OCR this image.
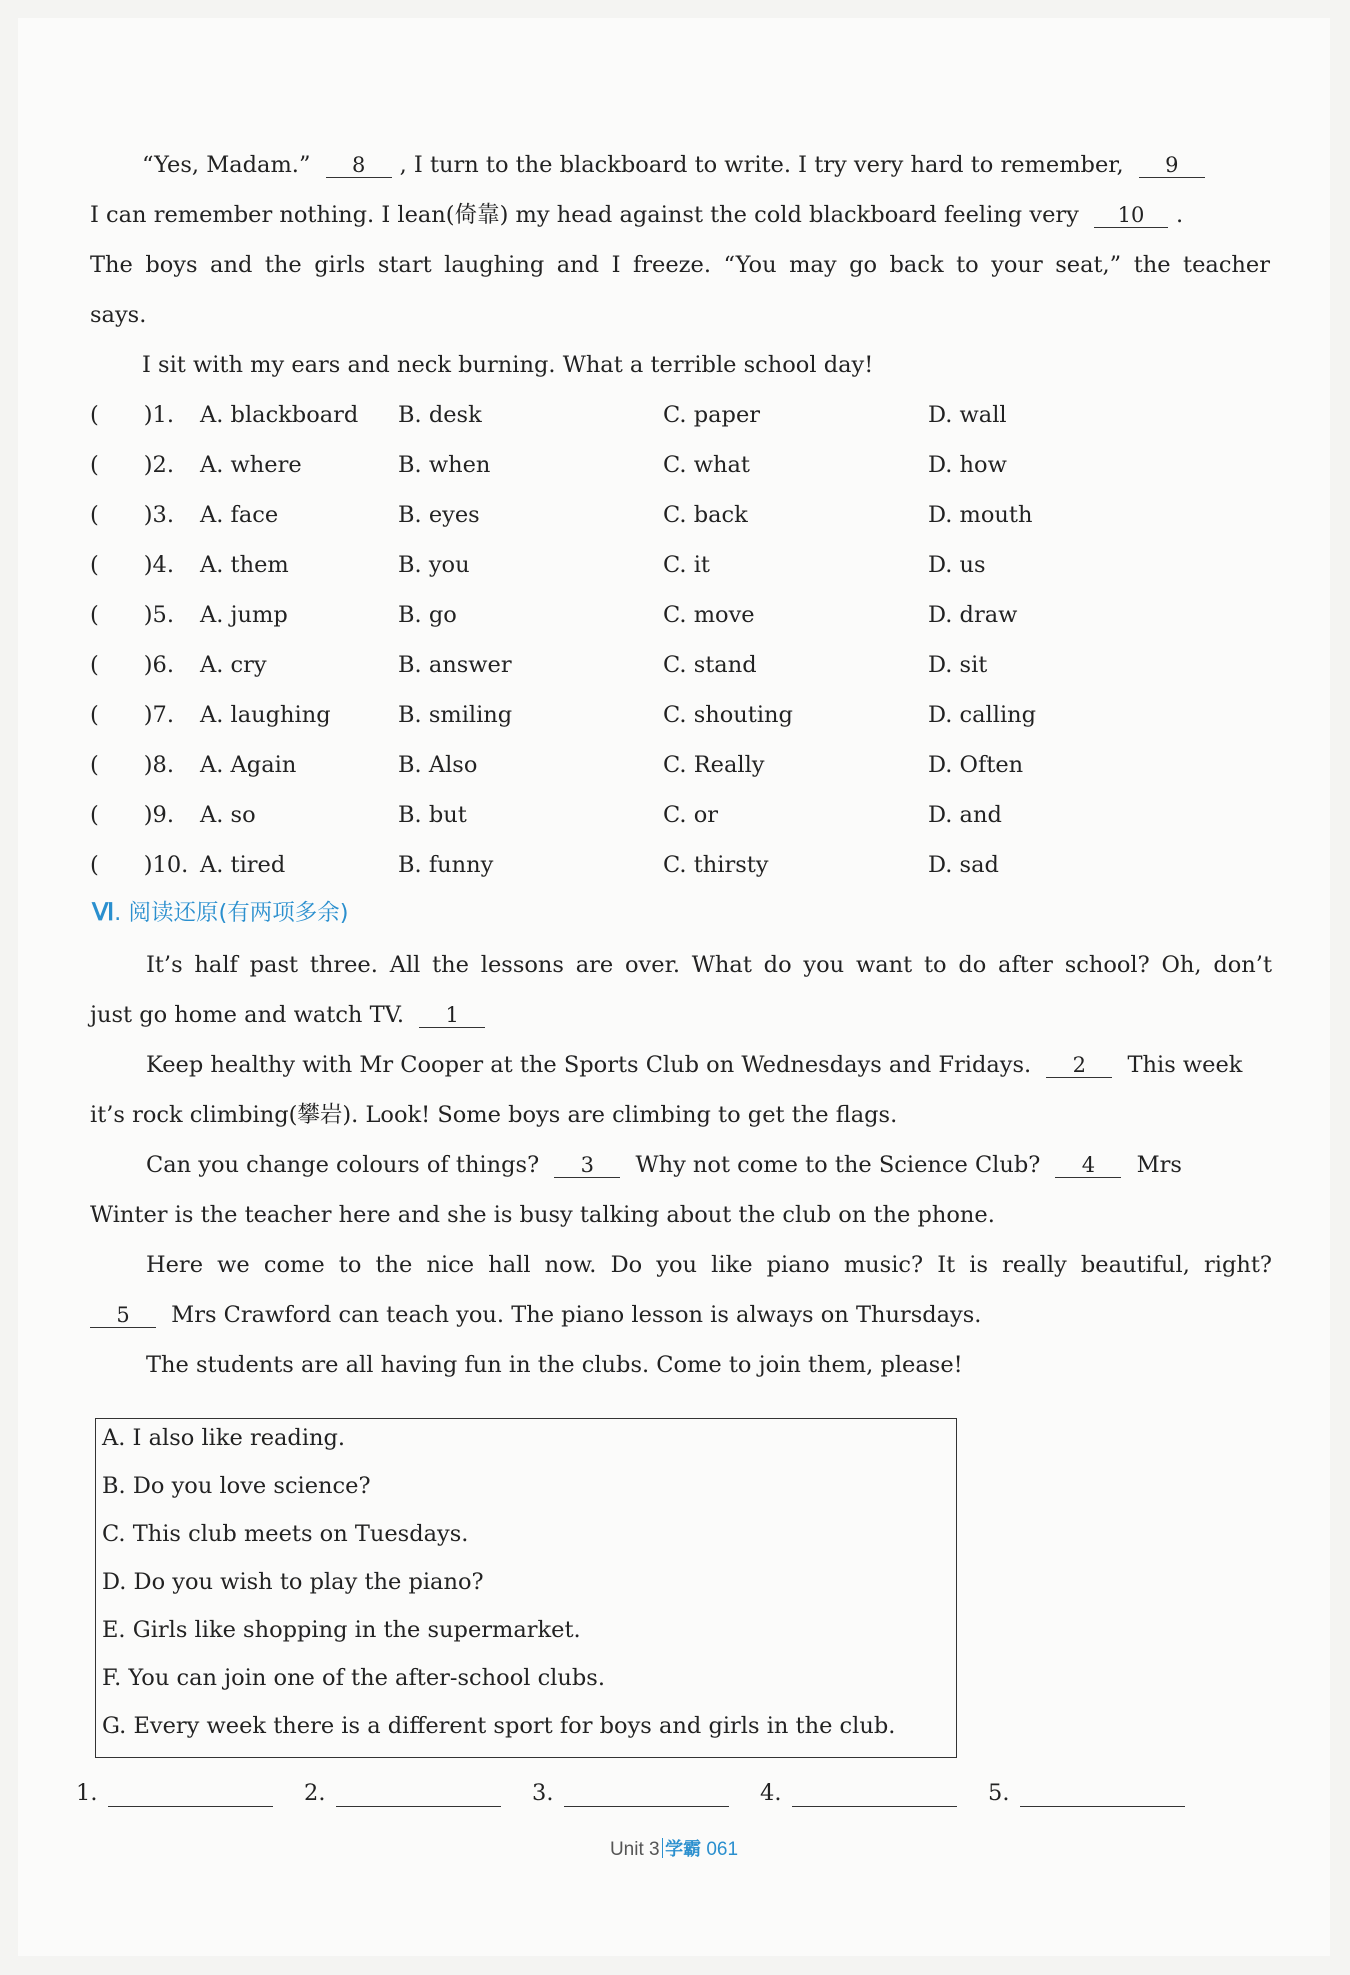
“Yes, Madam.” 8 , I turn to the blackboard to write. I try very hard to remember, 9
I can remember nothing. I lean(倚靠) my head against the cold blackboard feeling very 10 .
The boys and the girls start laughing and I freeze. “You may go back to your seat,” the teacher
says.
I sit with my ears and neck burning. What a terrible school day!
(  )1. A. blackboard B. desk	C. paper	D. wall
(  )2. A. where	B. when	C. what	D. how
(  )3. A. face	B. eyes	C. back	D. mouth
(  )4. A. them	B. you	C. it	D. us
(  )5. A. jump	B. go	C. move	D. draw
(  )6. A. cry	B. answer	C. stand	D. sit
(  )7. A. laughing	B. smiling	C. shouting	D. calling
(  )8. A. Again	B. Also	C. Really	D. Often
(  )9. A. so	B. but	C. or	D. and
(  )10. A. tired	B. funny	C. thirsty	D. sad
Ⅵ. 阅读还原(有两项多余)
It’s half past three. All the lessons are over. What do you want to do after school? Oh, don’t
just go home and watch TV. 1
Keep healthy with Mr Cooper at the Sports Club on Wednesdays and Fridays. 2 This week
it’s rock climbing(攀岩). Look! Some boys are climbing to get the flags.
Can you change colours of things? 3 Why not come to the Science Club? 4 Mrs
Winter is the teacher here and she is busy talking about the club on the phone.
Here we come to the nice hall now. Do you like piano music? It is really beautiful, right?
5 Mrs Crawford can teach you. The piano lesson is always on Thursdays.
The students are all having fun in the clubs. Come to join them, please!
A. I also like reading.
B. Do you love science?
C. This club meets on Tuesdays.
D. Do you wish to play the piano?
E. Girls like shopping in the supermarket.
F. You can join one of the after-school clubs.
G. Every week there is a different sport for boys and girls in the club.
1.	2.	3.	4.	5.
Unit 3 学霸 061
